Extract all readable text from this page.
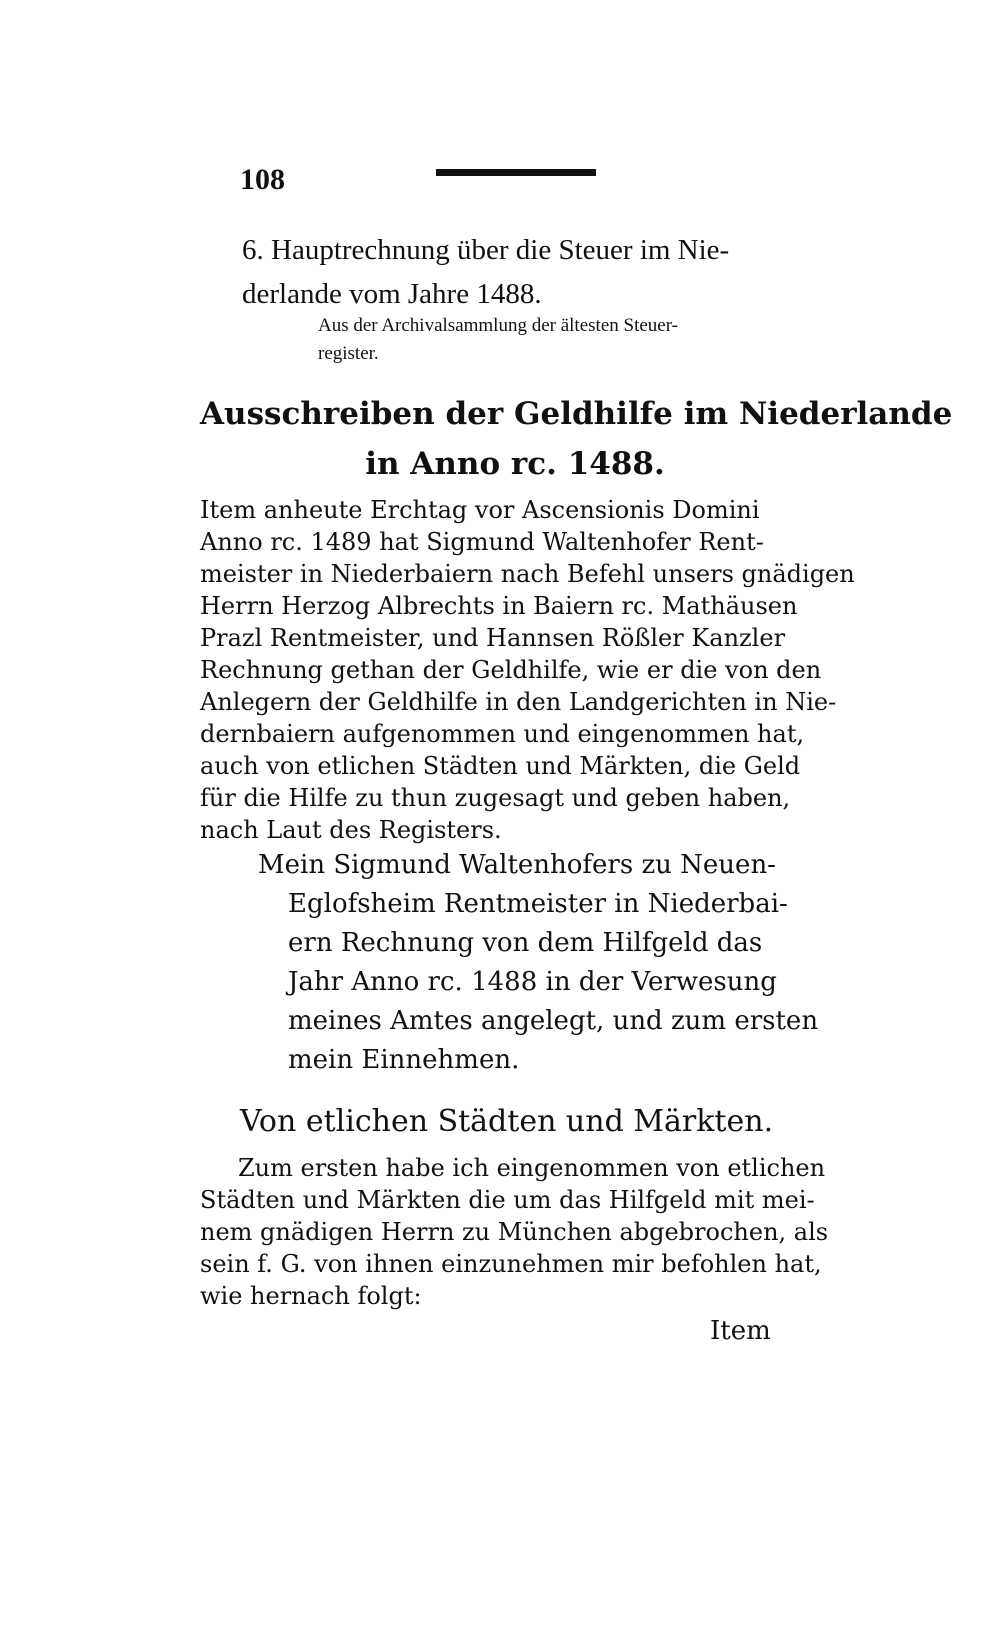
108
6. Hauptrechnung über die Steuer im Nie-
derlande vom Jahre 1488.
Aus der Archivalsammlung der ältesten Steuer-
register.
Ausschreiben der Geldhilfe im Niederlande
in Anno rc. 1488.
Item anheute Erchtag vor Ascensionis Domini
Anno rc. 1489 hat Sigmund Waltenhofer Rent-
meister in Niederbaiern nach Befehl unsers gnädigen
Herrn Herzog Albrechts in Baiern rc. Mathäusen
Prazl Rentmeister, und Hannsen Rößler Kanzler
Rechnung gethan der Geldhilfe, wie er die von den
Anlegern der Geldhilfe in den Landgerichten in Nie-
dernbaiern aufgenommen und eingenommen hat,
auch von etlichen Städten und Märkten, die Geld
für die Hilfe zu thun zugesagt und geben haben,
nach Laut des Registers.
Mein Sigmund Waltenhofers zu Neuen-
Eglofsheim Rentmeister in Niederbai-
ern Rechnung von dem Hilfgeld das
Jahr Anno rc. 1488 in der Verwesung
meines Amtes angelegt, und zum ersten
mein Einnehmen.
Von etlichen Städten und Märkten.
Zum ersten habe ich eingenommen von etlichen
Städten und Märkten die um das Hilfgeld mit mei-
nem gnädigen Herrn zu München abgebrochen, als
sein f. G. von ihnen einzunehmen mir befohlen hat,
wie hernach folgt:
Item
